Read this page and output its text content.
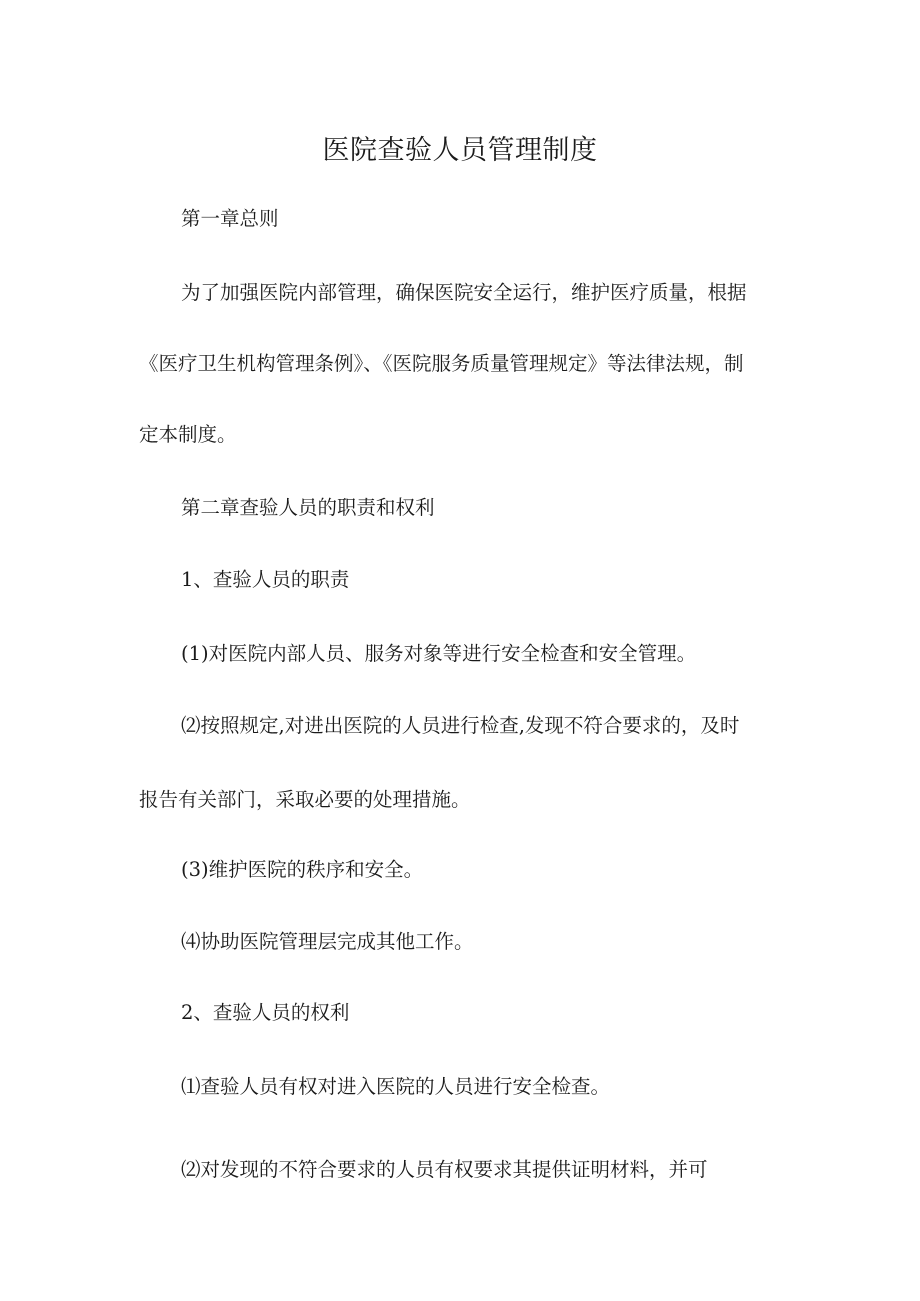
医院查验人员管理制度
第一章总则
为了加强医院内部管理，确保医院安全运行，维护医疗质量，根据
《医疗卫生机构管理条例》、《医院服务质量管理规定》等法律法规，制
定本制度。
第二章查验人员的职责和权利
1、查验人员的职责
(1)对医院内部人员、服务对象等进行安全检查和安全管理。
⑵按照规定,对进出医院的人员进行检查,发现不符合要求的，及时
报告有关部门，采取必要的处理措施。
(3)维护医院的秩序和安全。
⑷协助医院管理层完成其他工作。
2、查验人员的权利
⑴查验人员有权对进入医院的人员进行安全检查。
⑵对发现的不符合要求的人员有权要求其提供证明材料，并可
